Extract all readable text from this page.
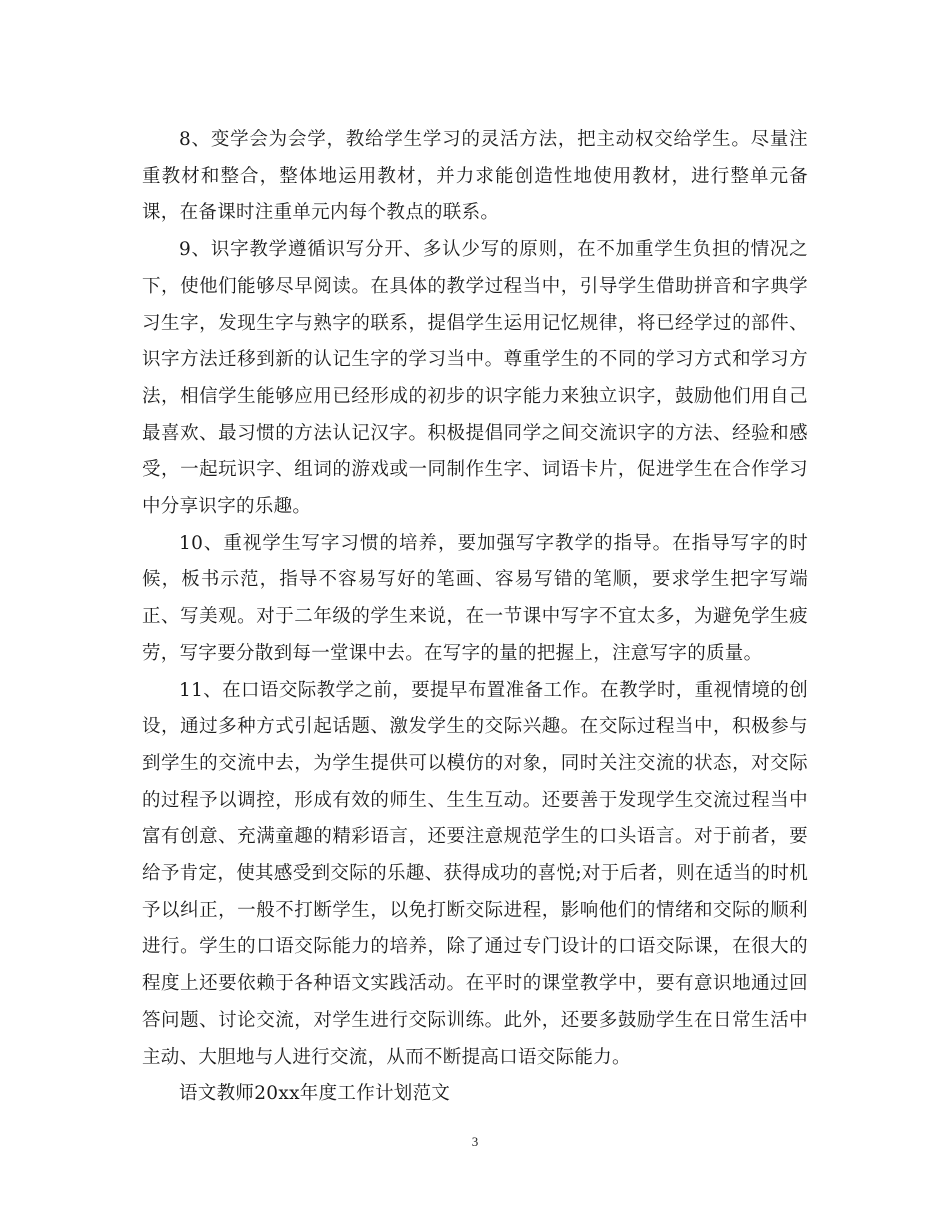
8、变学会为会学，教给学生学习的灵活方法，把主动权交给学生。尽量注重教材和整合，整体地运用教材，并力求能创造性地使用教材，进行整单元备课，在备课时注重单元内每个教点的联系。

9、识字教学遵循识写分开、多认少写的原则，在不加重学生负担的情况之下，使他们能够尽早阅读。在具体的教学过程当中，引导学生借助拼音和字典学习生字，发现生字与熟字的联系，提倡学生运用记忆规律，将已经学过的部件、识字方法迁移到新的认记生字的学习当中。尊重学生的不同的学习方式和学习方法，相信学生能够应用已经形成的初步的识字能力来独立识字，鼓励他们用自己最喜欢、最习惯的方法认记汉字。积极提倡同学之间交流识字的方法、经验和感受，一起玩识字、组词的游戏或一同制作生字、词语卡片，促进学生在合作学习中分享识字的乐趣。

10、重视学生写字习惯的培养，要加强写字教学的指导。在指导写字的时候，板书示范，指导不容易写好的笔画、容易写错的笔顺，要求学生把字写端正、写美观。对于二年级的学生来说，在一节课中写字不宜太多，为避免学生疲劳，写字要分散到每一堂课中去。在写字的量的把握上，注意写字的质量。

11、在口语交际教学之前，要提早布置准备工作。在教学时，重视情境的创设，通过多种方式引起话题、激发学生的交际兴趣。在交际过程当中，积极参与到学生的交流中去，为学生提供可以模仿的对象，同时关注交流的状态，对交际的过程予以调控，形成有效的师生、生生互动。还要善于发现学生交流过程当中富有创意、充满童趣的精彩语言，还要注意规范学生的口头语言。对于前者，要给予肯定，使其感受到交际的乐趣、获得成功的喜悦;对于后者，则在适当的时机予以纠正，一般不打断学生，以免打断交际进程，影响他们的情绪和交际的顺利进行。学生的口语交际能力的培养，除了通过专门设计的口语交际课，在很大的程度上还要依赖于各种语文实践活动。在平时的课堂教学中，要有意识地通过回答问题、讨论交流，对学生进行交际训练。此外，还要多鼓励学生在日常生活中主动、大胆地与人进行交流，从而不断提高口语交际能力。

语文教师20xx年度工作计划范文

3
